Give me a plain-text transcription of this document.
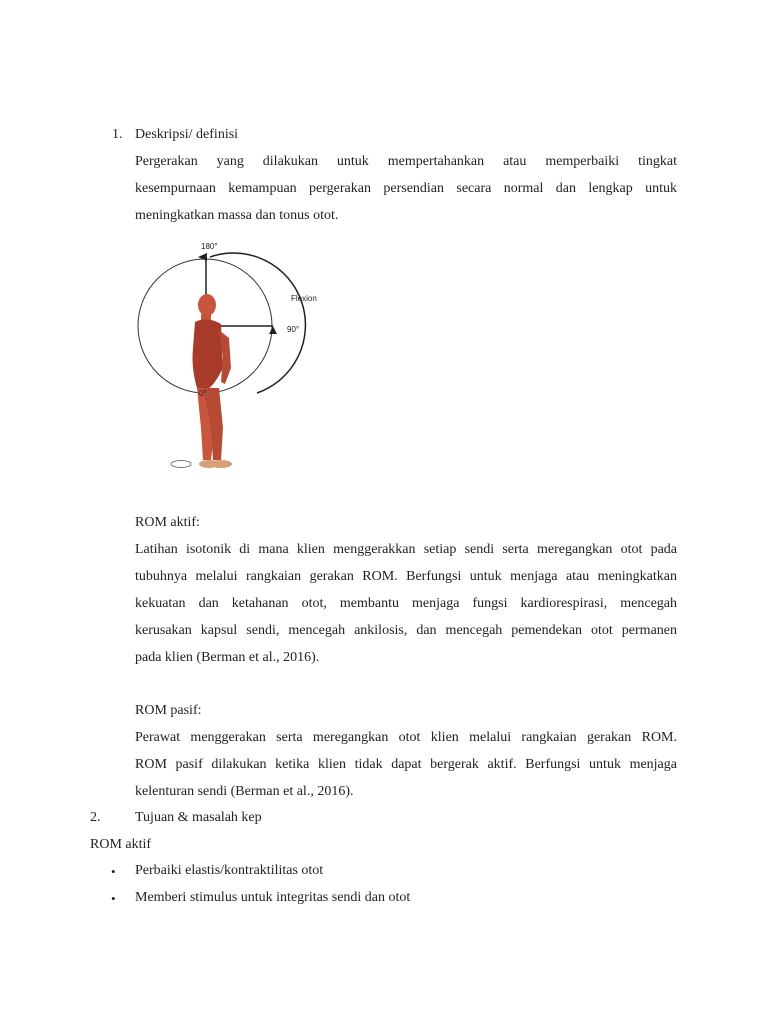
1. Deskripsi/ definisi
Pergerakan yang dilakukan untuk mempertahankan atau memperbaiki tingkat
kesempurnaan kemampuan pergerakan persendian secara normal dan lengkap untuk
meningkatkan massa dan tonus otot.
180°
Flexion
90°
0°
ROM aktif:
Latihan isotonik di mana klien menggerakkan setiap sendi serta meregangkan otot pada
tubuhnya melalui rangkaian gerakan ROM. Berfungsi untuk menjaga atau meningkatkan
kekuatan dan ketahanan otot, membantu menjaga fungsi kardiorespirasi, mencegah
kerusakan kapsul sendi, mencegah ankilosis, dan mencegah pemendekan otot permanen
pada klien (Berman et al., 2016).
ROM pasif:
Perawat menggerakan serta meregangkan otot klien melalui rangkaian gerakan ROM.
ROM pasif dilakukan ketika klien tidak dapat bergerak aktif. Berfungsi untuk menjaga
kelenturan sendi (Berman et al., 2016).
2. Tujuan & masalah kep
ROM aktif
• Perbaiki elastis/kontraktilitas otot
• Memberi stimulus untuk integritas sendi dan otot
